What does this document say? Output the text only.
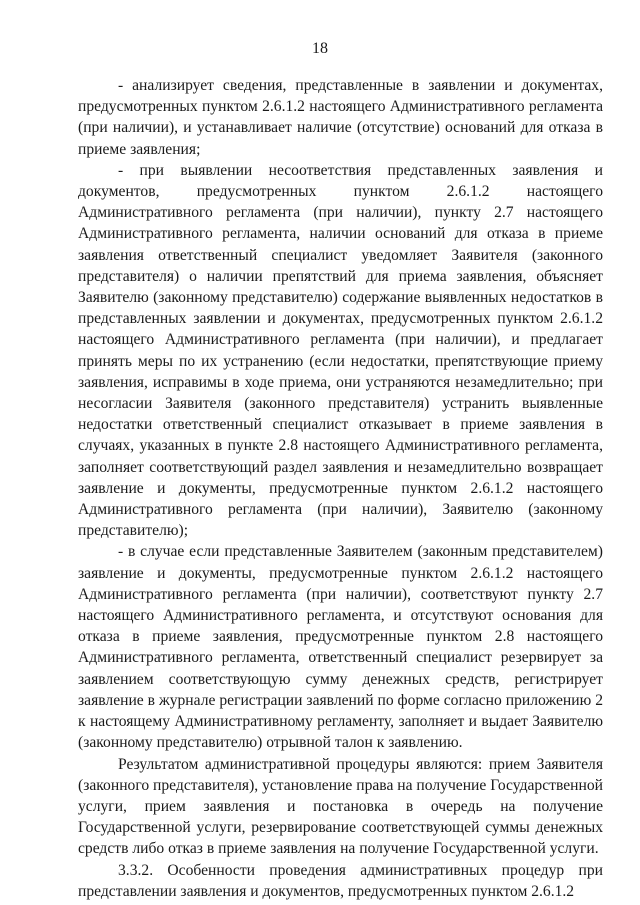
18

- анализирует сведения, представленные в заявлении и документах, предусмотренных пунктом 2.6.1.2 настоящего Административного регламента (при наличии), и устанавливает наличие (отсутствие) оснований для отказа в приеме заявления;

- при выявлении несоответствия представленных заявления и документов, предусмотренных пунктом 2.6.1.2 настоящего Административного регламента (при наличии), пункту 2.7 настоящего Административного регламента, наличии оснований для отказа в приеме заявления ответственный специалист уведомляет Заявителя (законного представителя) о наличии препятствий для приема заявления, объясняет Заявителю (законному представителю) содержание выявленных недостатков в представленных заявлении и документах, предусмотренных пунктом 2.6.1.2 настоящего Административного регламента (при наличии), и предлагает принять меры по их устранению (если недостатки, препятствующие приему заявления, исправимы в ходе приема, они устраняются незамедлительно; при несогласии Заявителя (законного представителя) устранить выявленные недостатки ответственный специалист отказывает в приеме заявления в случаях, указанных в пункте 2.8 настоящего Административного регламента, заполняет соответствующий раздел заявления и незамедлительно возвращает заявление и документы, предусмотренные пунктом 2.6.1.2 настоящего Административного регламента (при наличии), Заявителю (законному представителю);

- в случае если представленные Заявителем (законным представителем) заявление и документы, предусмотренные пунктом 2.6.1.2 настоящего Административного регламента (при наличии), соответствуют пункту 2.7 настоящего Административного регламента, и отсутствуют основания для отказа в приеме заявления, предусмотренные пунктом 2.8 настоящего Административного регламента, ответственный специалист резервирует за заявлением соответствующую сумму денежных средств, регистрирует заявление в журнале регистрации заявлений по форме согласно приложению 2 к настоящему Административному регламенту, заполняет и выдает Заявителю (законному представителю) отрывной талон к заявлению.

Результатом административной процедуры являются: прием Заявителя (законного представителя), установление права на получение Государственной услуги, прием заявления и постановка в очередь на получение Государственной услуги, резервирование соответствующей суммы денежных средств либо отказ в приеме заявления на получение Государственной услуги.

3.3.2. Особенности проведения административных процедур при представлении заявления и документов, предусмотренных пунктом 2.6.1.2
